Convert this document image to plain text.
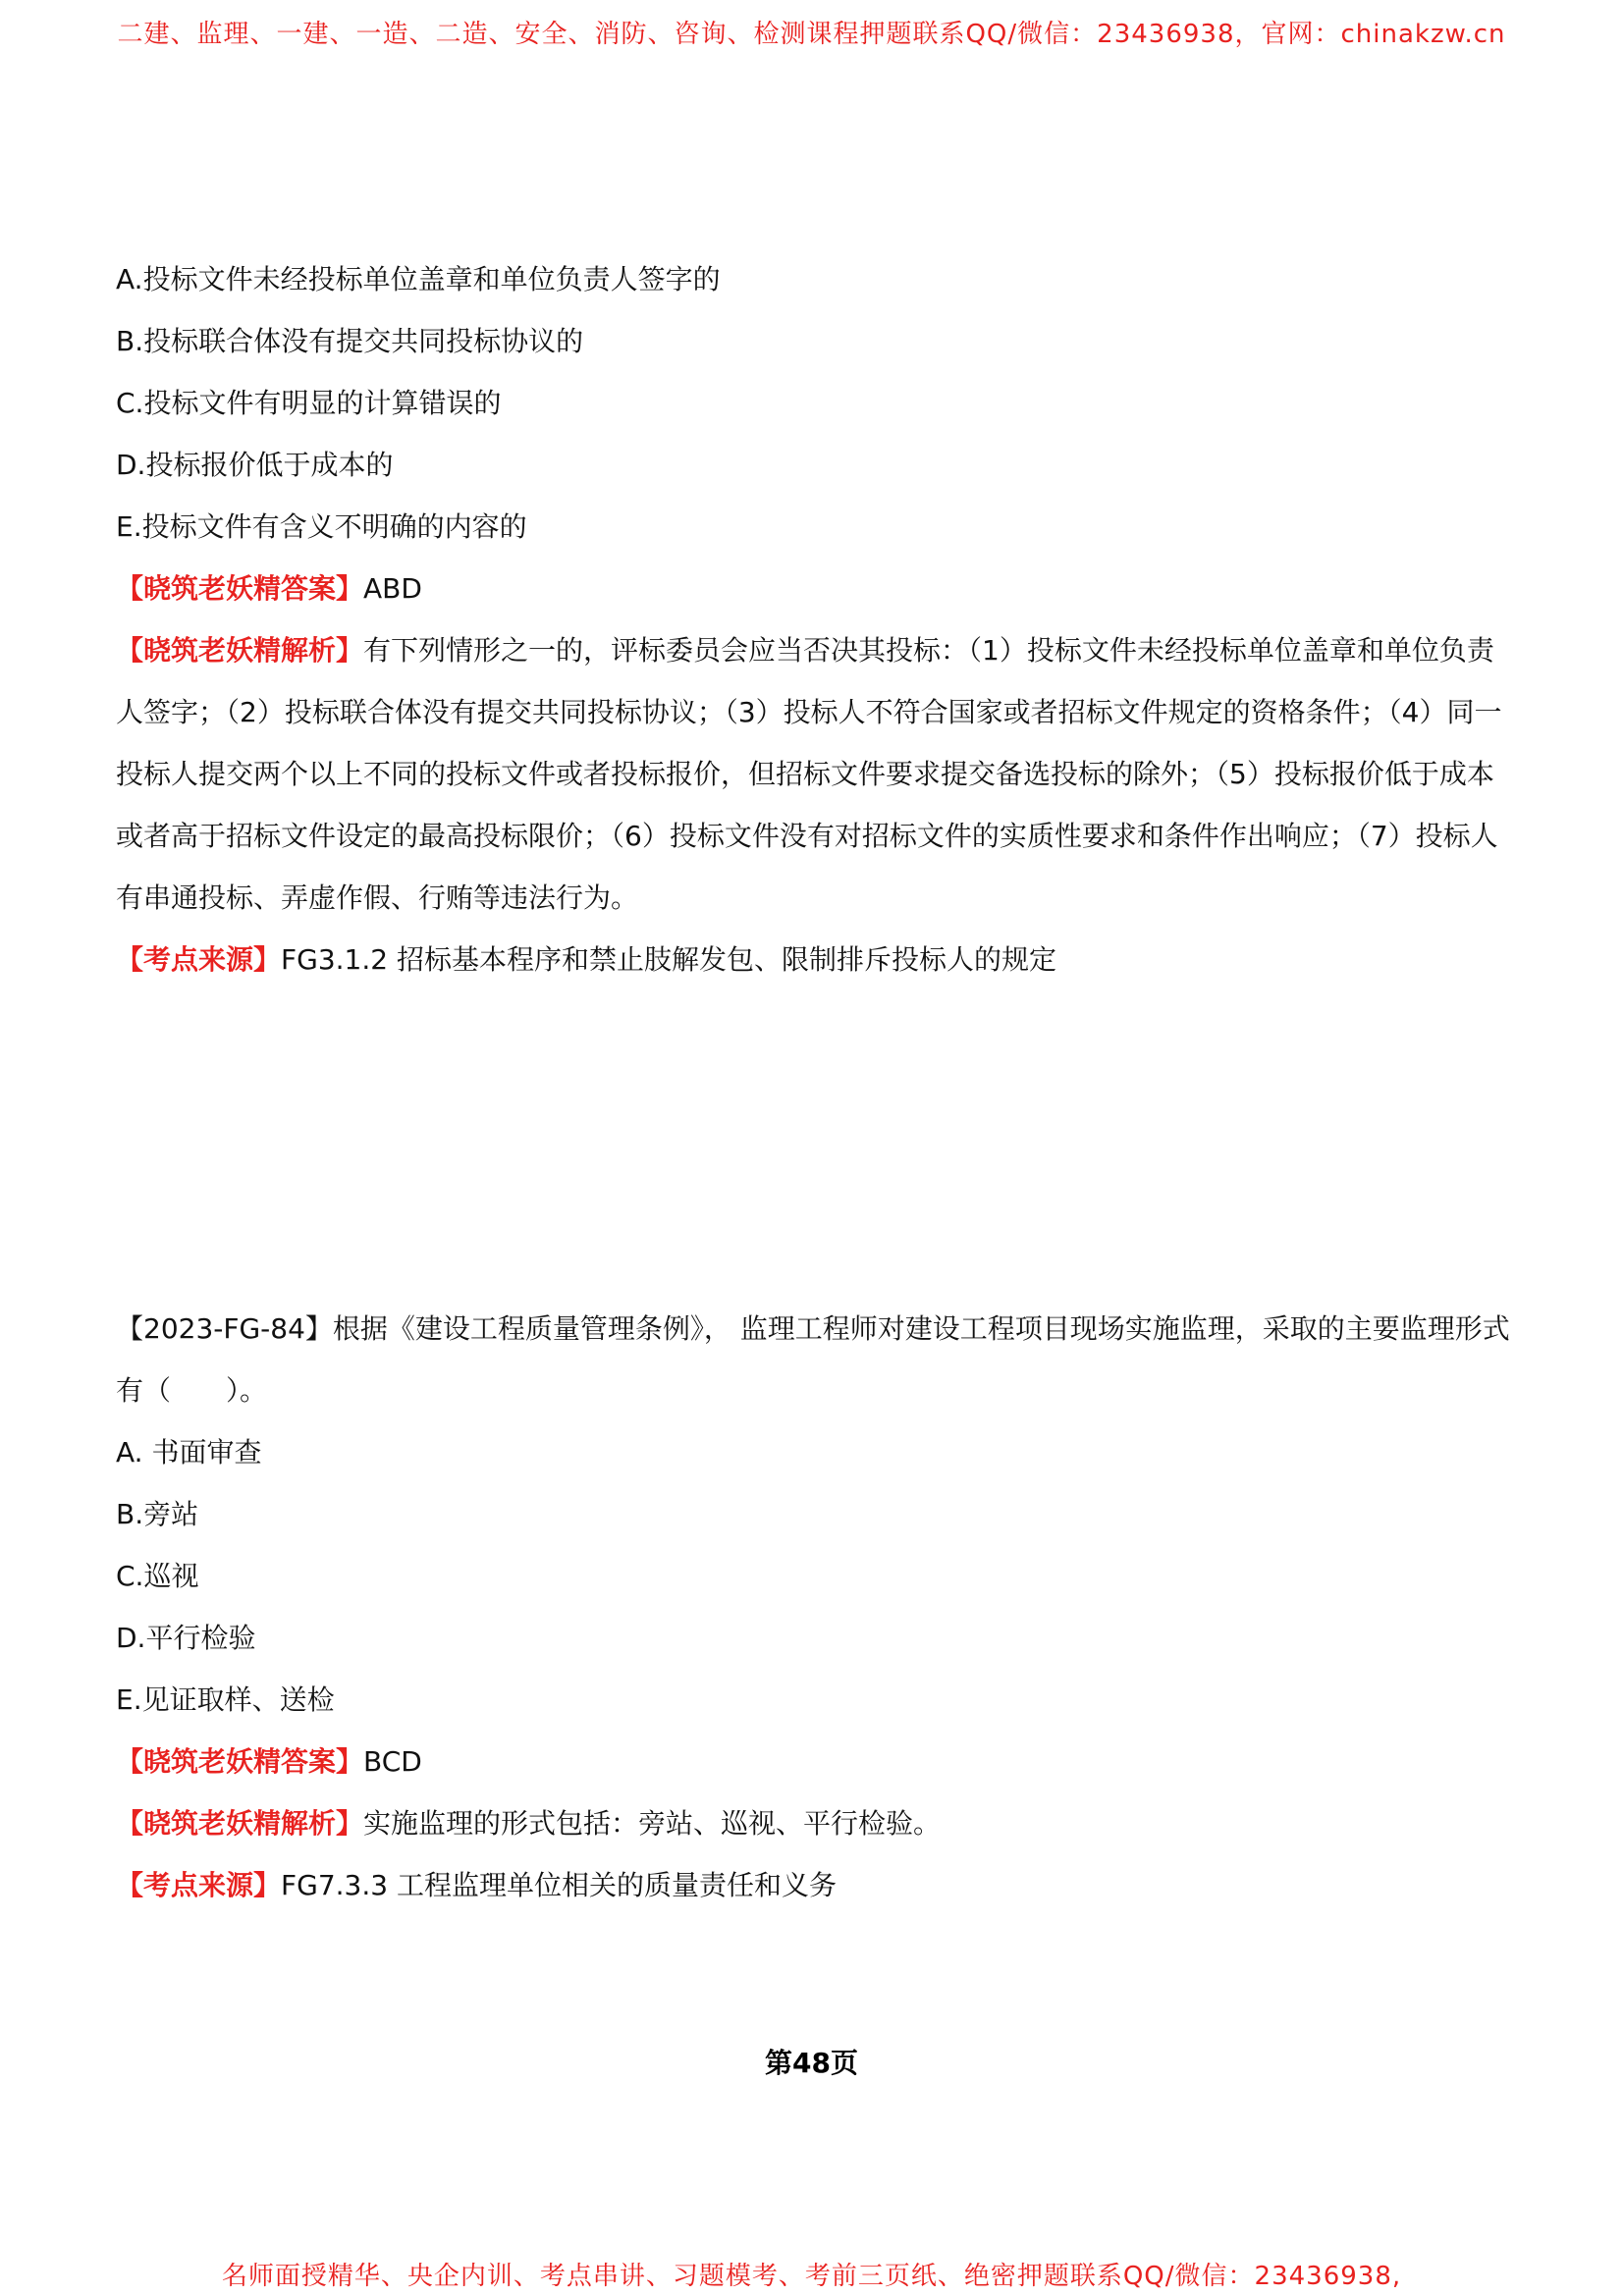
二建、监理、一建、一造、二造、安全、消防、咨询、检测课程押题联系QQ/微信：23436938，官网：chinakzw.cn

A.投标文件未经投标单位盖章和单位负责人签字的

B.投标联合体没有提交共同投标协议的

C.投标文件有明显的计算错误的

D.投标报价低于成本的

E.投标文件有含义不明确的内容的

【晓筑老妖精答案】ABD

【晓筑老妖精解析】有下列情形之一的，评标委员会应当否决其投标：（1）投标文件未经投标单位盖章和单位负责人签字；（2）投标联合体没有提交共同投标协议；（3）投标人不符合国家或者招标文件规定的资格条件；（4）同一投标人提交两个以上不同的投标文件或者投标报价，但招标文件要求提交备选投标的除外；（5）投标报价低于成本或者高于招标文件设定的最高投标限价；（6）投标文件没有对招标文件的实质性要求和条件作出响应；（7）投标人有串通投标、弄虚作假、行贿等违法行为。

【考点来源】FG3.1.2 招标基本程序和禁止肢解发包、限制排斥投标人的规定

【2023-FG-84】根据《建设工程质量管理条例》， 监理工程师对建设工程项目现场实施监理，采取的主要监理形式有（　　）。

A. 书面审查

B.旁站

C.巡视

D.平行检验

E.见证取样、送检

【晓筑老妖精答案】BCD

【晓筑老妖精解析】实施监理的形式包括：旁站、巡视、平行检验。

【考点来源】FG7.3.3 工程监理单位相关的质量责任和义务

第48页
名师面授精华、央企内训、考点串讲、习题模考、考前三页纸、绝密押题联系QQ/微信：23436938,
